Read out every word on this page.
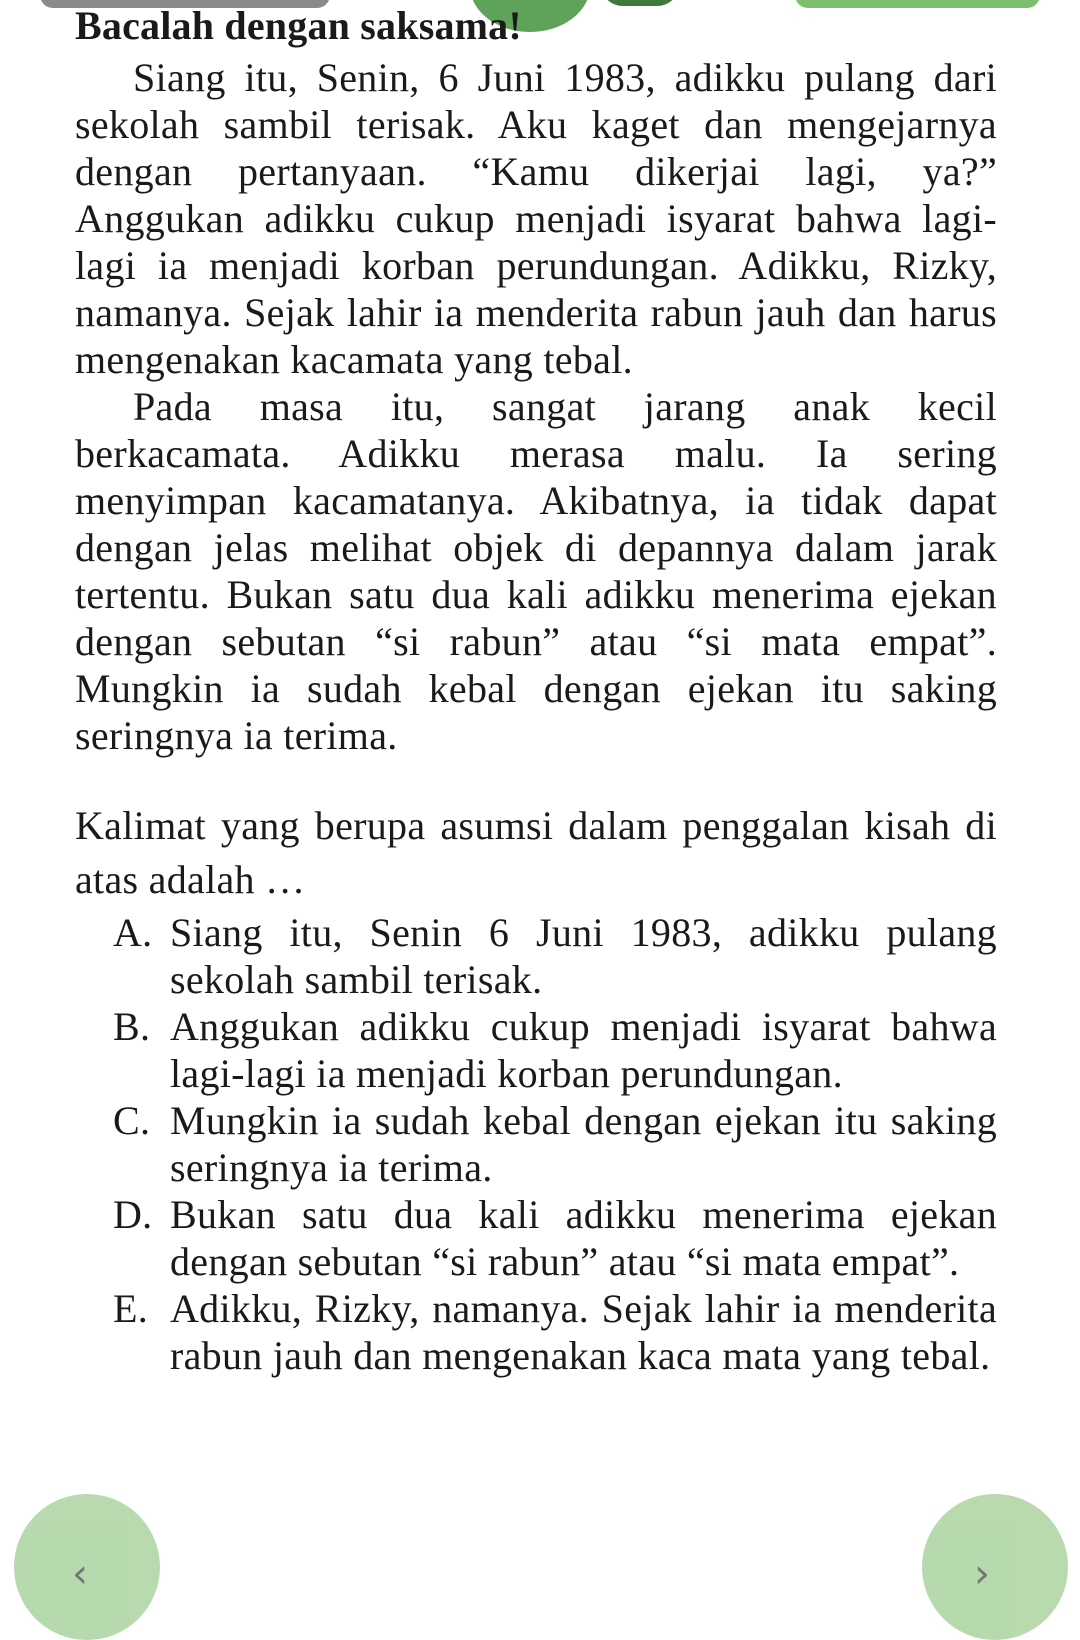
Bacalah dengan saksama!

Siang itu, Senin, 6 Juni 1983, adikku pulang dari sekolah sambil terisak. Aku kaget dan mengejarnya dengan pertanyaan. “Kamu dikerjai lagi, ya?” Anggukan adikku cukup menjadi isyarat bahwa lagi-lagi ia menjadi korban perundungan. Adikku, Rizky, namanya. Sejak lahir ia menderita rabun jauh dan harus mengenakan kacamata yang tebal.

Pada masa itu, sangat jarang anak kecil berkacamata. Adikku merasa malu. Ia sering menyimpan kacamatanya. Akibatnya, ia tidak dapat dengan jelas melihat objek di depannya dalam jarak tertentu. Bukan satu dua kali adikku menerima ejekan dengan sebutan “si rabun” atau “si mata empat”. Mungkin ia sudah kebal dengan ejekan itu saking seringnya ia terima.

Kalimat yang berupa asumsi dalam penggalan kisah di atas adalah …

A. Siang itu, Senin 6 Juni 1983, adikku pulang sekolah sambil terisak.
B. Anggukan adikku cukup menjadi isyarat bahwa lagi-lagi ia menjadi korban perundungan.
C. Mungkin ia sudah kebal dengan ejekan itu saking seringnya ia terima.
D. Bukan satu dua kali adikku menerima ejekan dengan sebutan “si rabun” atau “si mata empat”.
E. Adikku, Rizky, namanya. Sejak lahir ia menderita rabun jauh dan mengenakan kaca mata yang tebal.
‹	›
